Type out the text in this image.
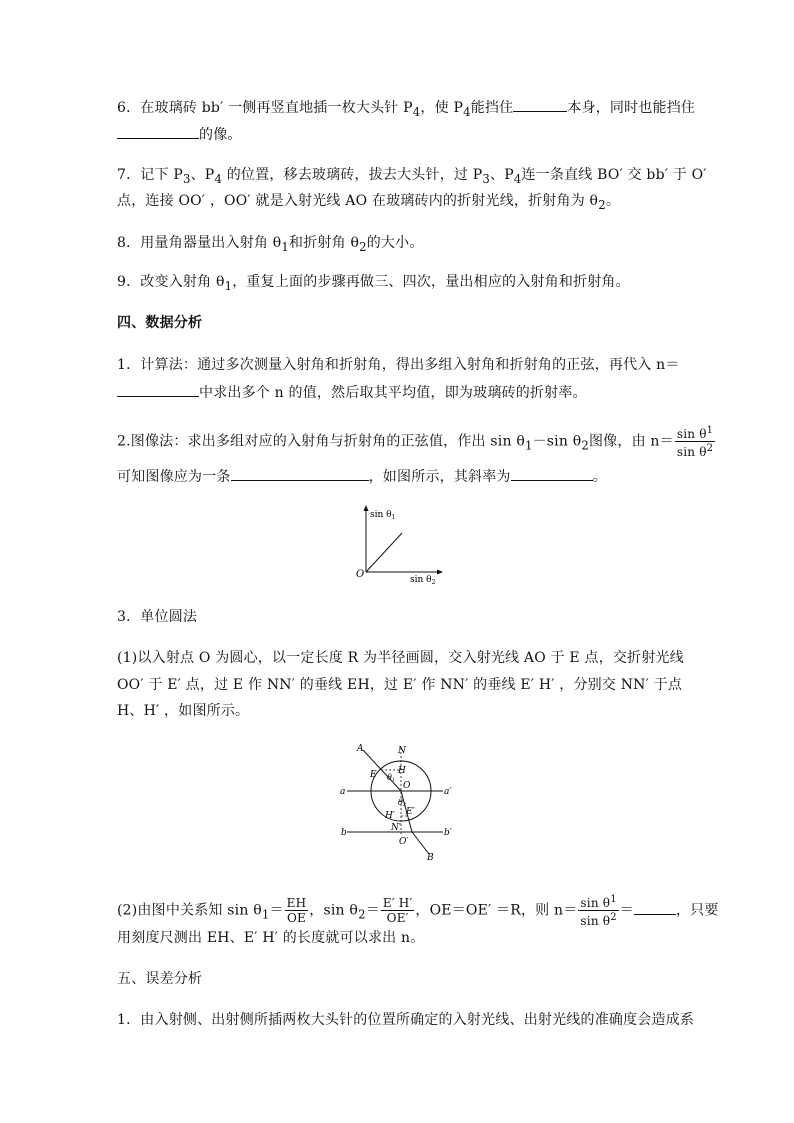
6．在玻璃砖 bb′ 一侧再竖直地插一枚大头针 $P_4$，使 $P_4$能挡住	本身，同时也能挡住
的像。
7．记下 $P_3$、$P_4$ 的位置，移去玻璃砖，拔去大头针，过 $P_3$、$P_4$连一条直线 BO′ 交 bb′ 于 O′
点，连接 OO′ ，OO′ 就是入射光线 AO 在玻璃砖内的折射光线，折射角为 $\theta_2$。
8．用量角器量出入射角 $\theta_1$和折射角 $\theta_2$的大小。
9．改变入射角 $\theta_1$，重复上面的步骤再做三、四次，量出相应的入射角和折射角。
四、数据分析
1．计算法：通过多次测量入射角和折射角，得出多组入射角和折射角的正弦，再代入 n＝
中求出多个 n 的值，然后取其平均值，即为玻璃砖的折射率。
2.图像法：求出多组对应的入射角与折射角的正弦值，作出 $\sin \theta_1-\sin$ $\theta_2$图像，由 $n= \frac{\sin \theta^1}{\sin \theta^2}$
可知图像应为一条	，如图所示，其斜率为	。
$\sin \theta_1$
$\sin \theta_2$
O
3．单位圆法
(1)以入射点 O 为圆心，以一定长度 R 为半径画圆，交入射光线 AO 于 E 点，交折射光线
OO′ 于 E′ 点，过 E 作 NN′ 的垂线 EH，过 E′ 作 NN′ 的垂线 E′ H′ ，分别交 NN′ 于点
H、H′ ，如图所示。
A	N
H
E θ1
O
a	a′
θ2
E′
H′
b	N′	b′
O′
B
(2)由图中关系知 $\sin \theta_1= \frac{EH}{OE}$ ，$\sin \theta_2= \frac{E' H'}{OE'}$ ，OE＝OE′ ＝R，则 $n= \frac{\sin \theta^1}{\sin \theta^2}$ ＝	，只要
用刻度尺测出 EH、E′ H′ 的长度就可以求出 n。
五、误差分析
1．由入射侧、出射侧所插两枚大头针的位置所确定的入射光线、出射光线的准确度会造成系
